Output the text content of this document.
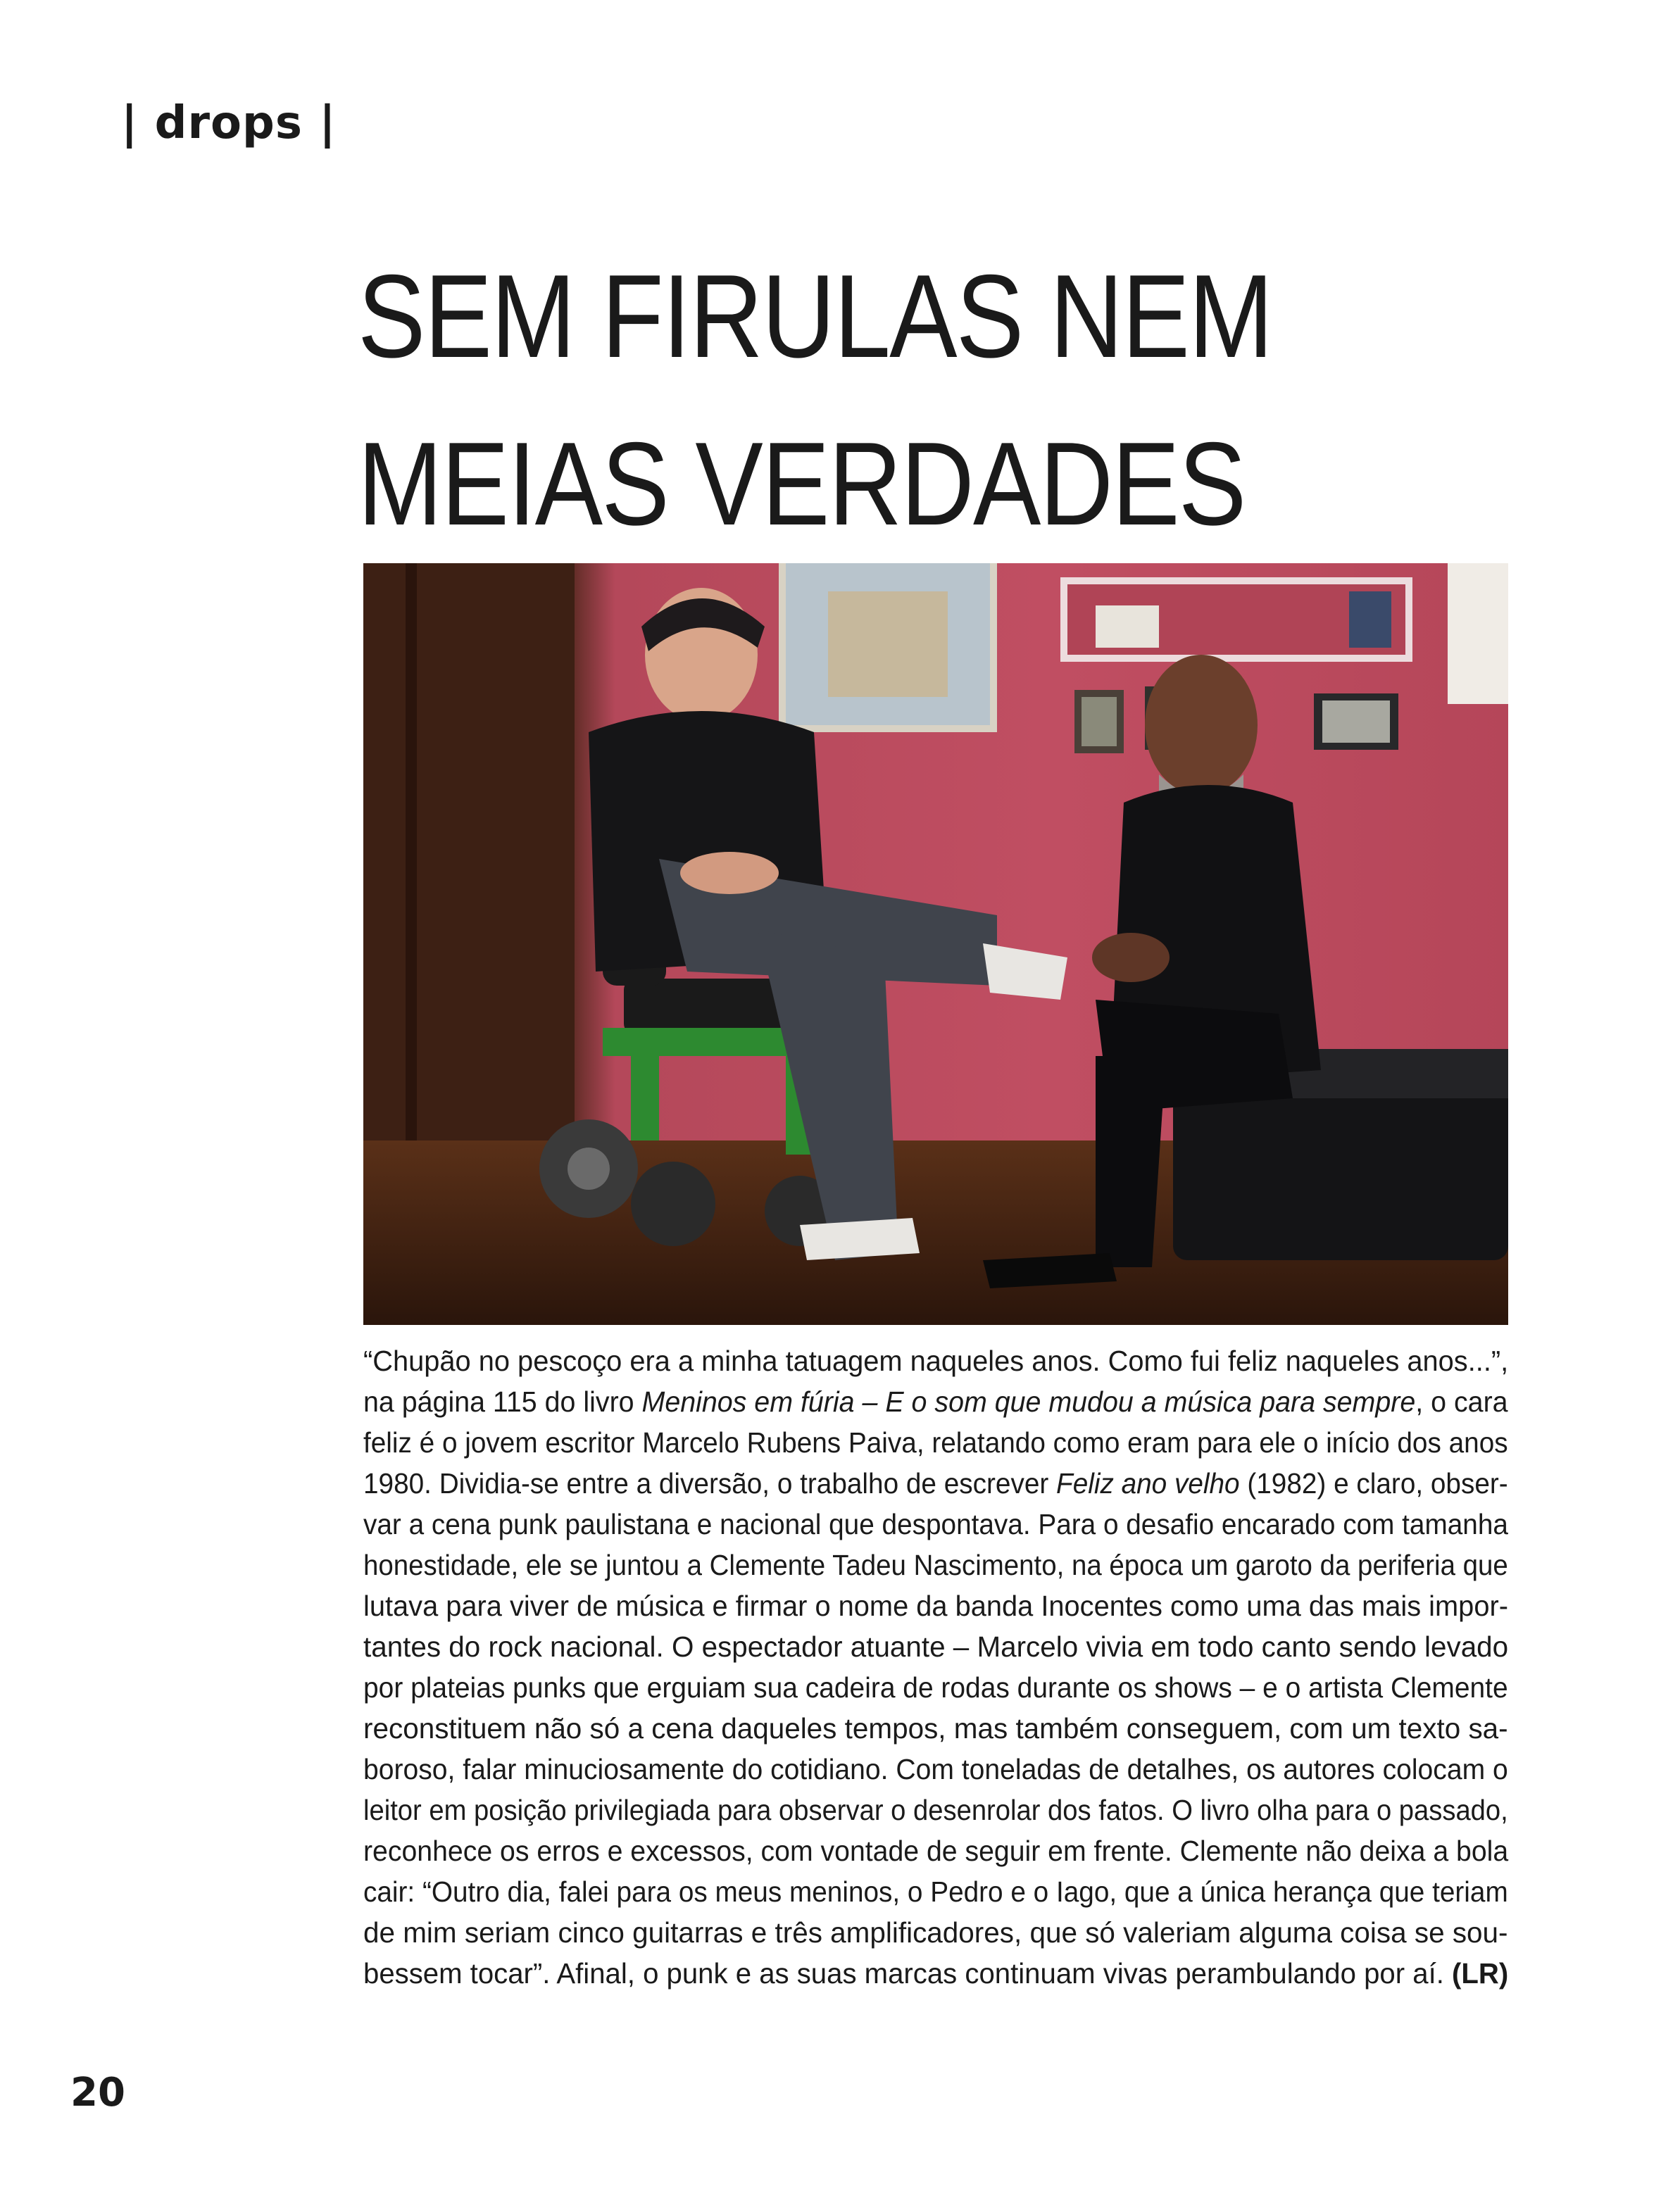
| drops |
SEM FIRULAS NEM
MEIAS VERDADES

“Chupão no pescoço era a minha tatuagem naqueles anos. Como fui feliz naqueles anos...”,
na página 115 do livro Meninos em fúria – E o som que mudou a música para sempre, o cara
feliz é o jovem escritor Marcelo Rubens Paiva, relatando como eram para ele o início dos anos
1980. Dividia-se entre a diversão, o trabalho de escrever Feliz ano velho (1982) e claro, obser-
var a cena punk paulistana e nacional que despontava. Para o desafio encarado com tamanha
honestidade, ele se juntou a Clemente Tadeu Nascimento, na época um garoto da periferia que
lutava para viver de música e firmar o nome da banda Inocentes como uma das mais impor-
tantes do rock nacional. O espectador atuante – Marcelo vivia em todo canto sendo levado
por plateias punks que erguiam sua cadeira de rodas durante os shows – e o artista Clemente
reconstituem não só a cena daqueles tempos, mas também conseguem, com um texto sa-
boroso, falar minuciosamente do cotidiano. Com toneladas de detalhes, os autores colocam o
leitor em posição privilegiada para observar o desenrolar dos fatos. O livro olha para o passado,
reconhece os erros e excessos, com vontade de seguir em frente. Clemente não deixa a bola
cair: “Outro dia, falei para os meus meninos, o Pedro e o Iago, que a única herança que teriam
de mim seriam cinco guitarras e três amplificadores, que só valeriam alguma coisa se sou-
bessem tocar”. Afinal, o punk e as suas marcas continuam vivas perambulando por aí. (LR)

20
